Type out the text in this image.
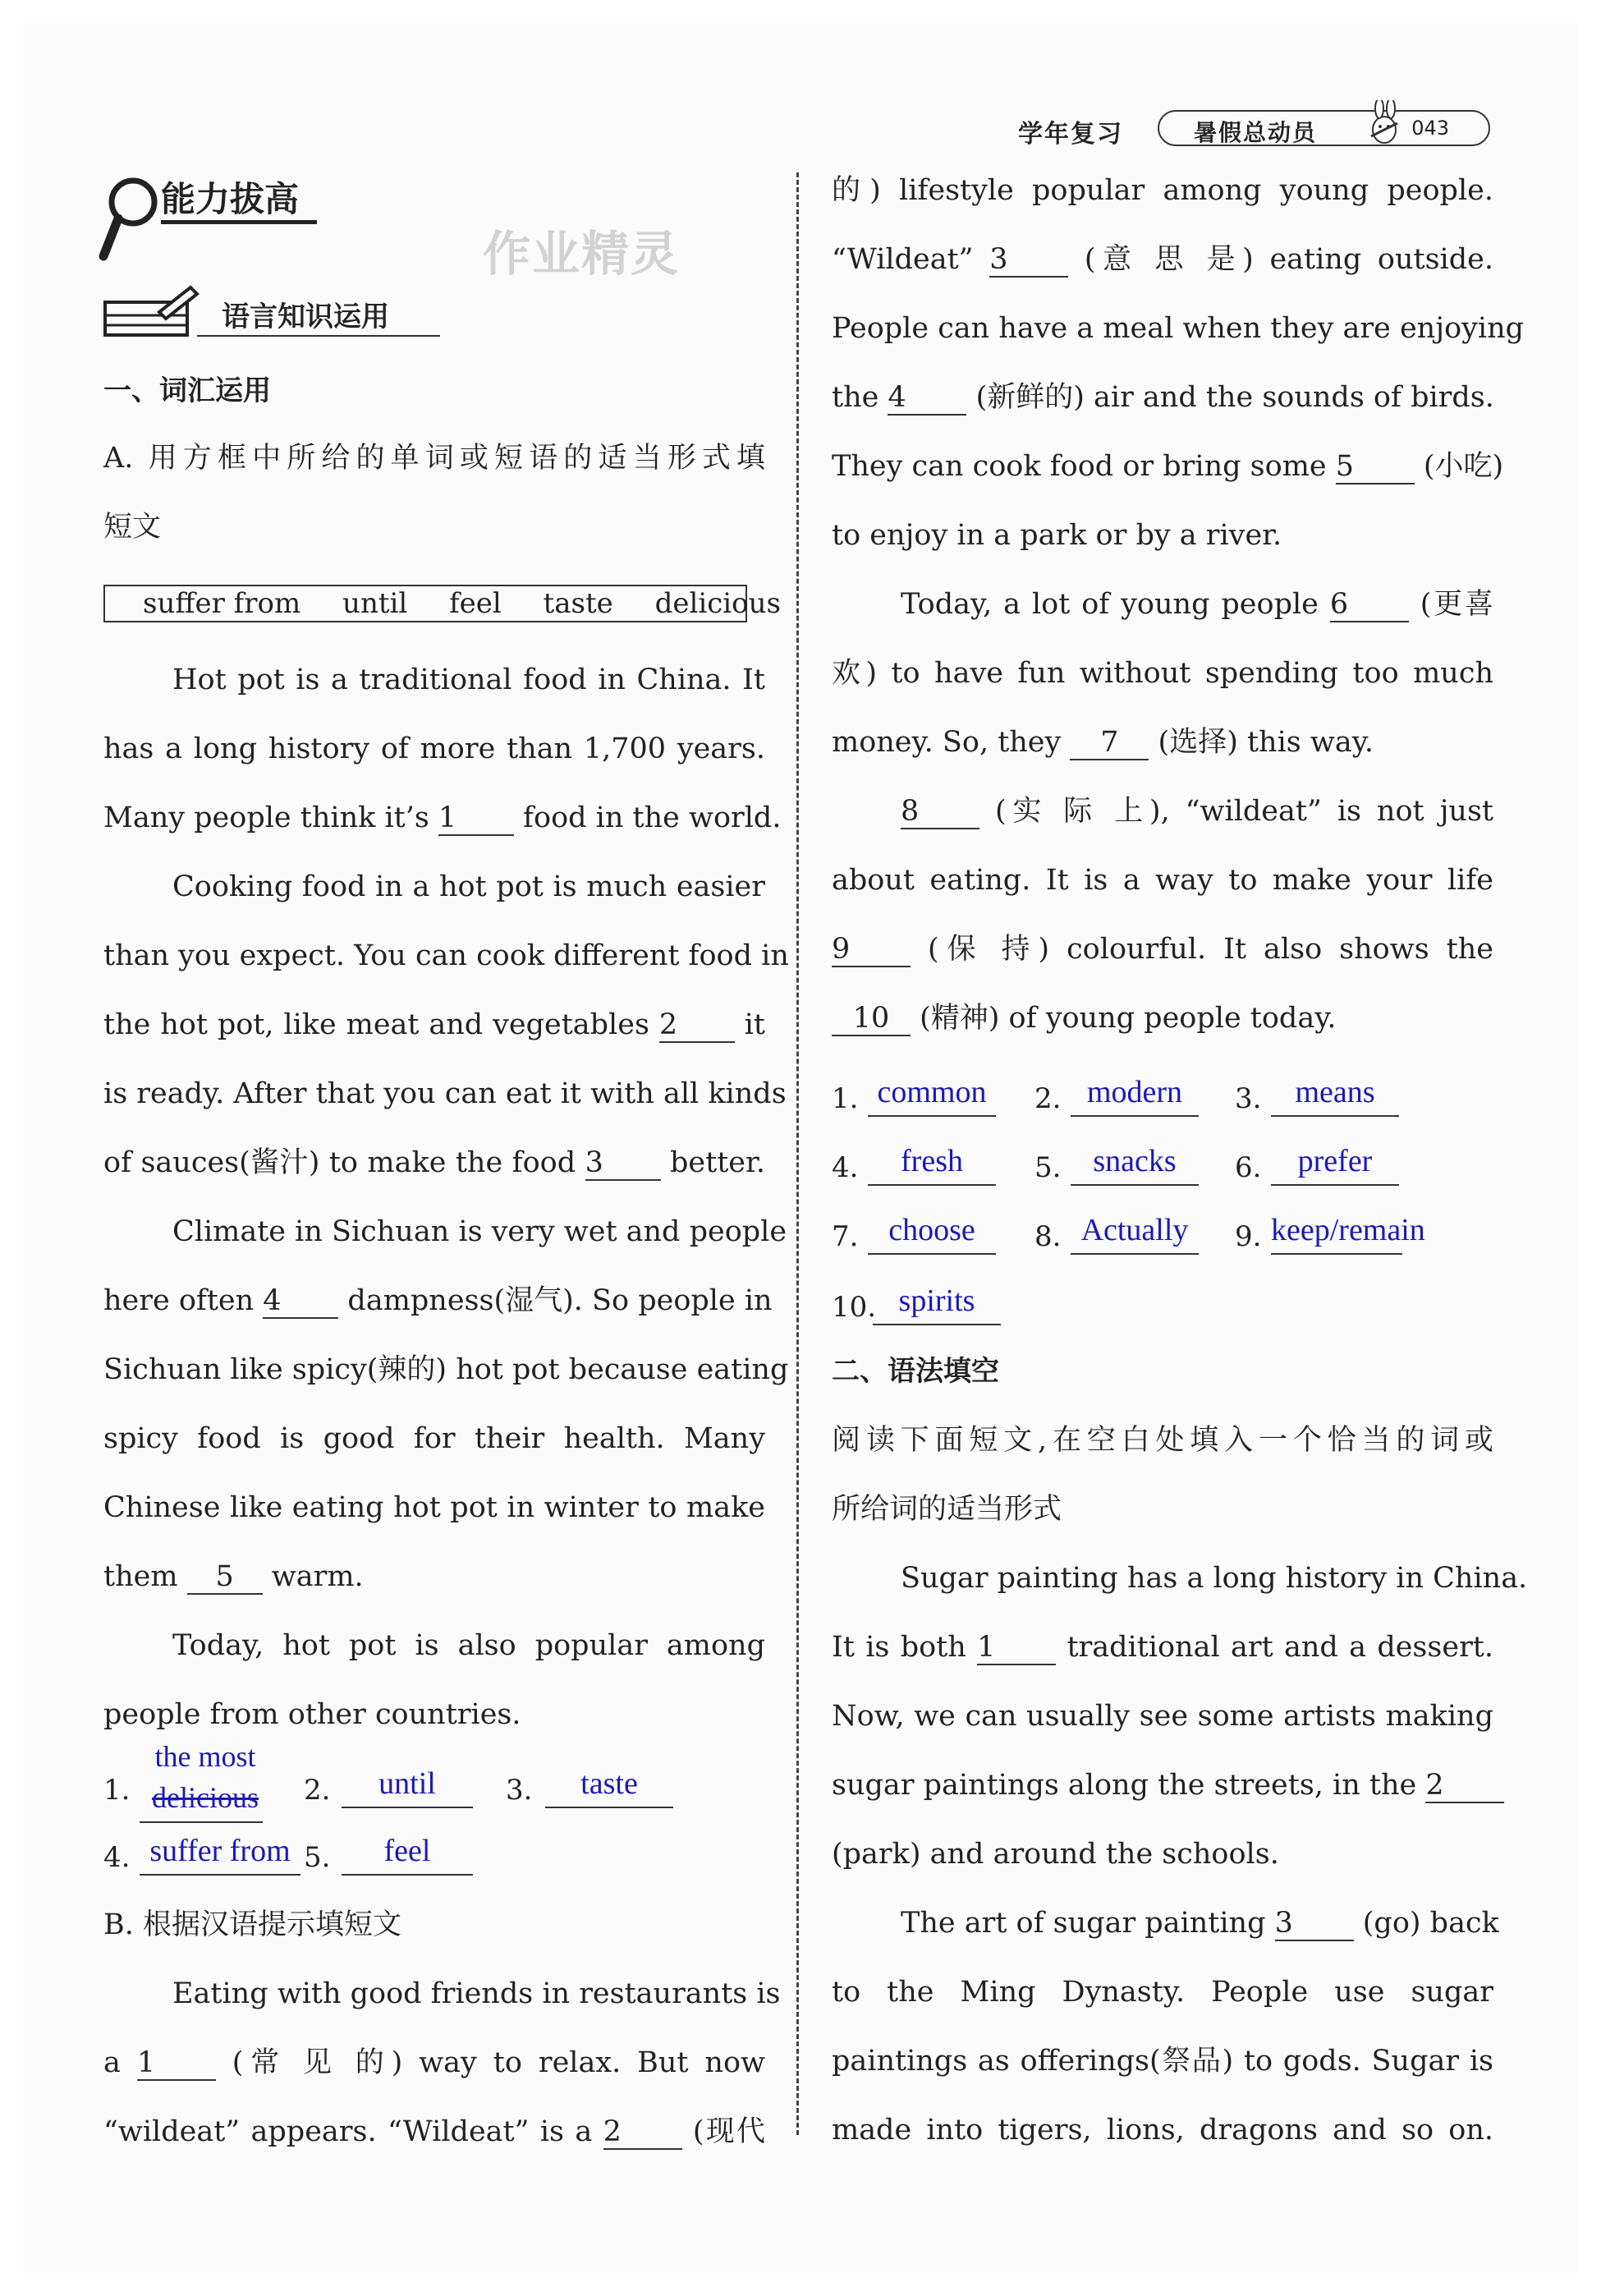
学年复习	暑假总动员	043
能力拔高
作业精灵
语言知识运用
一、词汇运用
A. 用方框中所给的单词或短语的适当形式填
短文
suffer from until feel taste delicious
Hot pot is a traditional food in China. It
has a long history of more than 1,700 years.
Many people think it’s 1 food in the world.
Cooking food in a hot pot is much easier
than you expect. You can cook different food in
the hot pot, like meat and vegetables 2 it
is ready. After that you can eat it with all kinds
of sauces(酱汁) to make the food 3 better.
Climate in Sichuan is very wet and people
here often 4 dampness(湿气). So people in
Sichuan like spicy(辣的) hot pot because eating
spicy food is good for their health. Many
Chinese like eating hot pot in winter to make
them 5 warm.
Today, hot pot is also popular among
people from other countries.
1.
the most
delicious	2.	until	3.	taste
4. suffer from 5.	feel
B. 根据汉语提示填短文
Eating with good friends in restaurants is
a 1 (常 见 的) way to relax. But now
“wildeat” appears. “Wildeat” is a 2 (现代
的) lifestyle popular among young people.
“Wildeat” 3 (意 思 是) eating outside.
People can have a meal when they are enjoying
the 4 (新鲜的) air and the sounds of birds.
They can cook food or bring some 5 (小吃)
to enjoy in a park or by a river.
Today, a lot of young people 6 (更喜
欢) to have fun without spending too much
money. So, they 7 (选择) this way.
8 (实 际 上), “wildeat” is not just
about eating. It is a way to make your life
9 (保 持) colourful. It also shows the
10 (精神) of young people today.
1. common	2. modern	3.	means
4.	fresh	5.	snacks	6.	prefer
7. choose	8. Actually	9. keep/remain
10. spirits
二、语法填空
阅读下面短文,在空白处填入一个恰当的词或
所给词的适当形式
Sugar painting has a long history in China.
It is both 1 traditional art and a dessert.
Now, we can usually see some artists making
sugar paintings along the streets, in the 2
(park) and around the schools.
The art of sugar painting 3 (go) back
to the Ming Dynasty. People use sugar
paintings as offerings(祭品) to gods. Sugar is
made into tigers, lions, dragons and so on.
